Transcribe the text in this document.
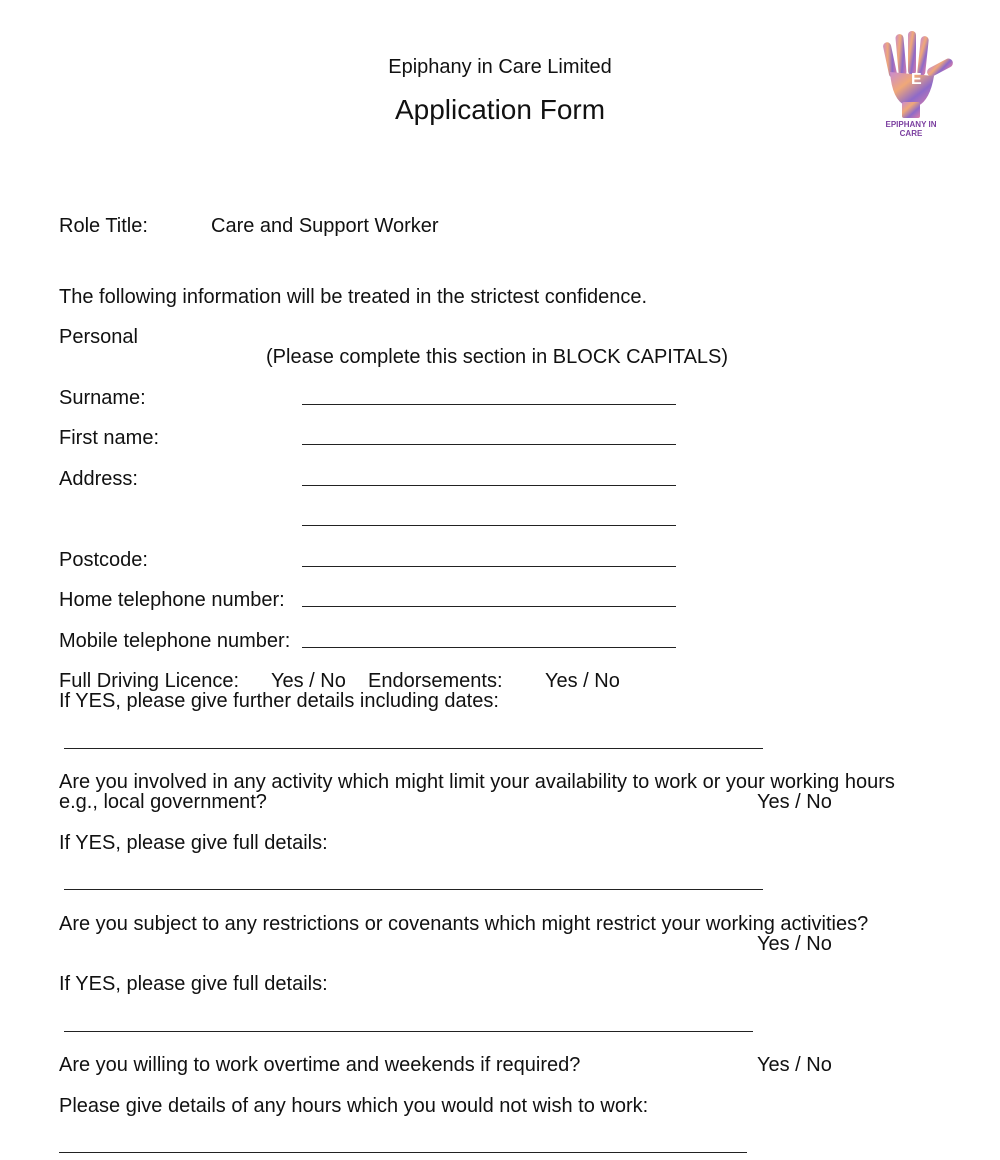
Epiphany in Care Limited
Application Form
E
EPIPHANY IN CARE
Role Title:	Care and Support Worker
The following information will be treated in the strictest confidence.
Personal
(Please complete this section in BLOCK CAPITALS)
Surname:
First name:
Address:
Postcode:
Home telephone number:
Mobile telephone number:
Full Driving Licence: Yes / No Endorsements: Yes / No
If YES, please give further details including dates:
Are you involved in any activity which might limit your availability to work or your working hours
e.g., local government?	Yes / No
If YES, please give full details:
Are you subject to any restrictions or covenants which might restrict your working activities?
Yes / No
If YES, please give full details:
Are you willing to work overtime and weekends if required?	Yes / No
Please give details of any hours which you would not wish to work:
